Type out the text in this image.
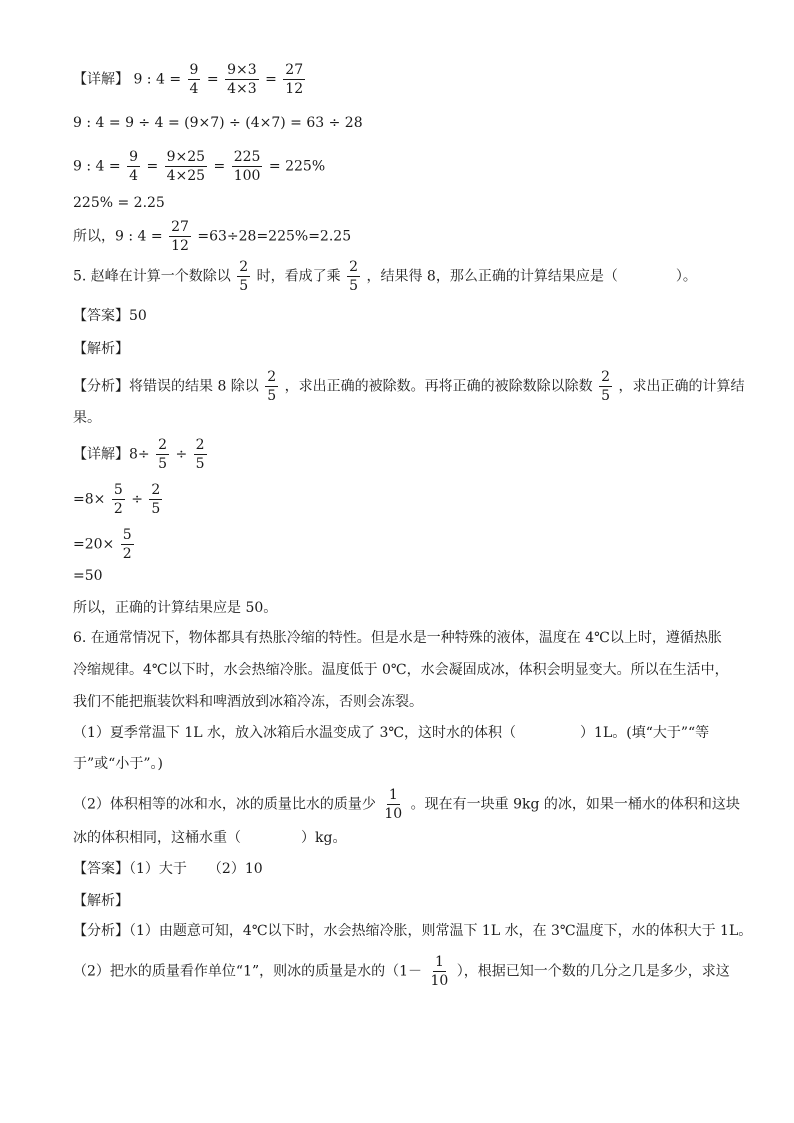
【详解】 9 : $4 = \frac{9}{4} = \frac{9\times 3}{4\times 3} = \frac{27}{12}$
9 : 4 = 9 ÷ 4 = (9×7) ÷ (4×7) = 63 ÷ 28
9 : $4 = \frac{9}{4} = \frac{9\times 25}{4\times 25} = \frac{225}{100} = 225\%$
225% = 2.25
所以，9 : $4 = \frac{27}{12} =63\div 28=225\%=2.25$
5. 赵峰在计算一个数除以 $\frac{2}{5}$ 时，看成了乘 $\frac{2}{5}$ ，结果得 8，那么正确的计算结果应是（	）。
【答案】50
【解析】
【分析】将错误的结果 8 除以 $\frac{2}{5}$ ，求出正确的被除数。再将正确的被除数除以除数 $\frac{2}{5}$ ，求出正确的计算结
果。
【详解】$8\div \frac{2}{5} \div \frac{2}{5}$
$=8\times \frac{5}{2} \div \frac{2}{5}$
$=20\times \frac{5}{2}$
=50
所以，正确的计算结果应是 50。
6. 在通常情况下，物体都具有热胀冷缩的特性。但是水是一种特殊的液体，温度在 4℃以上时，遵循热胀
冷缩规律。4℃以下时，水会热缩冷胀。温度低于 0℃，水会凝固成冰，体积会明显变大。所以在生活中，
我们不能把瓶装饮料和啤酒放到冰箱冷冻，否则会冻裂。
（1）夏季常温下 1L 水，放入冰箱后水温变成了 3℃，这时水的体积（	）1L。(填“大于”“等
于”或“小于”。)
（2）体积相等的冰和水，冰的质量比水的质量少 $\frac{1}{10}$ 。现在有一块重 9kg 的冰，如果一桶水的体积和这块
冰的体积相同，这桶水重（	）kg。
【答案】（1）大于　　（2）10
【解析】
【分析】（1）由题意可知，4℃以下时，水会热缩冷胀，则常温下 1L 水，在 3℃温度下，水的体积大于 1L。
（2）把水的质量看作单位“1”，则冰的质量是水的（$1- \frac{1}{10}$ ），根据已知一个数的几分之几是多少，求这
